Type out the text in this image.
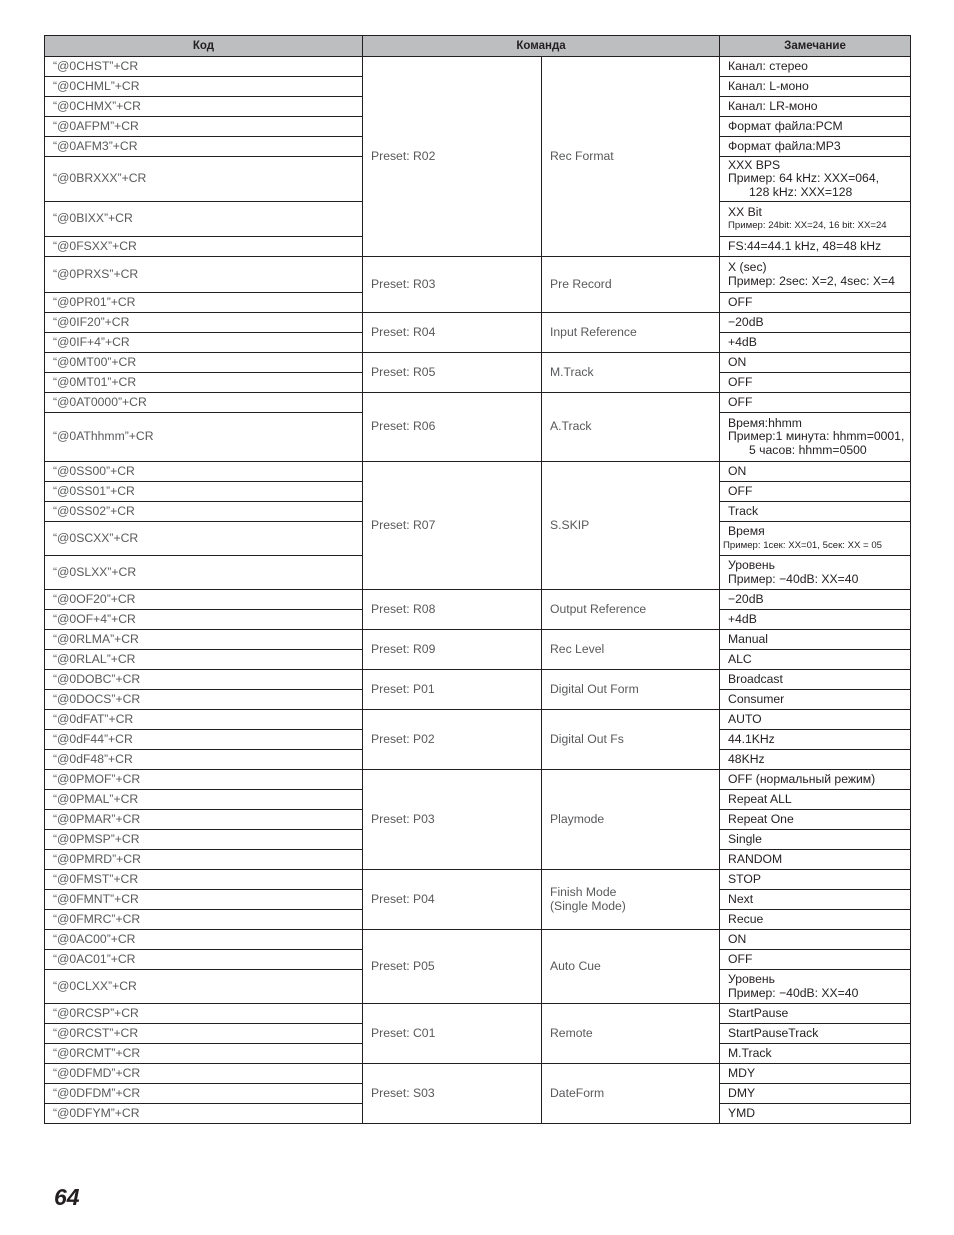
Код	Команда		Замечание
“@0CHST”+CR	Preset: R02	Rec Format	Канал: стерео

“@0CHML”+CR			Канал: L-моно

“@0CHMX”+CR			Канал: LR-моно

“@0AFPM”+CR			Формат файла:PCM

“@0AFM3”+CR			Формат файла:MP3

“@0BRXXX”+CR			XXX BPS
Пример: 64 kHz: XXX=064,
128 kHz: XXX=128

“@0BIXX”+CR			XX Bit
Пример: 24bit: XX=24, 16 bit: XX=24

“@0FSXX”+CR			FS:44=44.1 kHz, 48=48 kHz

“@0PRXS”+CR	Preset: R03	Pre Record	X (sec)
Пример: 2sec: X=2, 4sec: X=4

“@0PR01”+CR			OFF

“@0IF20”+CR	Preset: R04	Input Reference	−20dB

“@0IF+4”+CR			+4dB

“@0MT00”+CR	Preset: R05	M.Track	ON

“@0MT01”+CR			OFF

“@0AT0000”+CR	Preset: R06	A.Track	OFF

“@0AThhmm”+CR			Время:hhmm
Пример:1 минута: hhmm=0001,
5 часов: hhmm=0500

“@0SS00”+CR	Preset: R07	S.SKIP	ON

“@0SS01”+CR			OFF

“@0SS02”+CR			Track

“@0SCXX”+CR			Время
Пример: 1сек: XX=01, 5сек: XX = 05

“@0SLXX”+CR			Уровень
Пример: −40dB: XX=40

“@0OF20”+CR	Preset: R08	Output Reference	−20dB

“@0OF+4”+CR			+4dB

“@0RLMA”+CR	Preset: R09	Rec Level	Manual

“@0RLAL”+CR			ALC

“@0DOBC”+CR	Preset: P01	Digital Out Form	Broadcast

“@0DOCS”+CR			Consumer

“@0dFAT”+CR	Preset: P02	Digital Out Fs	AUTO

“@0dF44”+CR			44.1KHz

“@0dF48”+CR			48KHz

“@0PMOF”+CR	Preset: P03	Playmode	OFF (нормальный режим)

“@0PMAL”+CR			Repeat ALL

“@0PMAR”+CR			Repeat One

“@0PMSP”+CR			Single

“@0PMRD”+CR			RANDOM

“@0FMST”+CR	Preset: P04	Finish Mode
(Single Mode)	STOP

“@0FMNT”+CR			Next

“@0FMRC”+CR			Recue

“@0AC00”+CR	Preset: P05	Auto Cue	ON

“@0AC01”+CR			OFF

“@0CLXX”+CR			Уровень
Пример: −40dB: XX=40

“@0RCSP”+CR	Preset: C01	Remote	StartPause

“@0RCST”+CR			StartPauseTrack

“@0RCMT”+CR			M.Track

“@0DFMD”+CR	Preset: S03	DateForm	MDY

“@0DFDM”+CR			DMY

“@0DFYM”+CR			YMD
64
